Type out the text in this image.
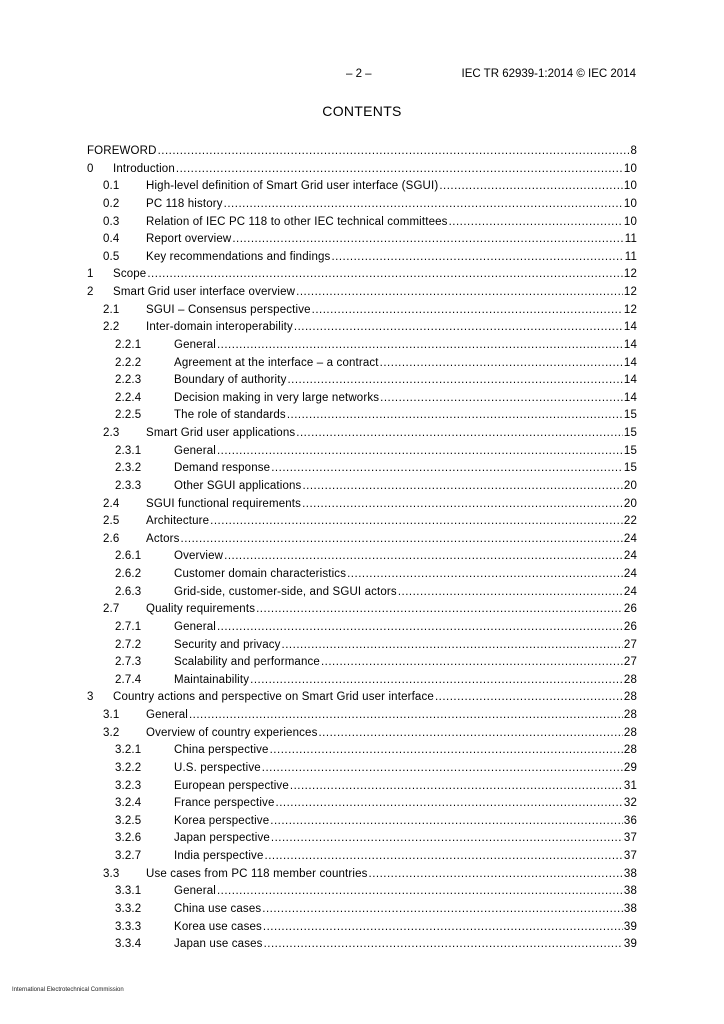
– 2 –	IEC TR 62939-1:2014 © IEC 2014
CONTENTS
FOREWORD .....	8
0 Introduction .....	10
0.1 High-level definition of Smart Grid user interface (SGUI) .....	10
0.2 PC 118 history .....	10
0.3 Relation of IEC PC 118 to other IEC technical committees .....	10
0.4 Report overview .....	11
0.5 Key recommendations and findings .....	11
1 Scope .....	12
2 Smart Grid user interface overview .....	12
2.1 SGUI – Consensus perspective .....	12
2.2 Inter-domain interoperability .....	14
2.2.1	General .....	14
2.2.2	Agreement at the interface – a contract .....	14
2.2.3	Boundary of authority .....	14
2.2.4	Decision making in very large networks .....	14
2.2.5	The role of standards .....	15
2.3 Smart Grid user applications .....	15
2.3.1	General .....	15
2.3.2	Demand response .....	15
2.3.3	Other SGUI applications .....	20
2.4 SGUI functional requirements .....	20
2.5 Architecture .....	22
2.6 Actors .....	24
2.6.1	Overview .....	24
2.6.2	Customer domain characteristics .....	24
2.6.3	Grid-side, customer-side, and SGUI actors .....	24
2.7 Quality requirements .....	26
2.7.1	General .....	26
2.7.2	Security and privacy .....	27
2.7.3	Scalability and performance .....	27
2.7.4	Maintainability .....	28
3 Country actions and perspective on Smart Grid user interface .....	28
3.1 General .....	28
3.2 Overview of country experiences .....	28
3.2.1	China perspective .....	28
3.2.2	U.S. perspective .....	29
3.2.3	European perspective .....	31
3.2.4	France perspective .....	32
3.2.5	Korea perspective .....	36
3.2.6	Japan perspective .....	37
3.2.7	India perspective .....	37
3.3 Use cases from PC 118 member countries .....	38
3.3.1	General .....	38
3.3.2	China use cases .....	38
3.3.3	Korea use cases .....	39
3.3.4	Japan use cases .....	39
International Electrotechnical Commission
